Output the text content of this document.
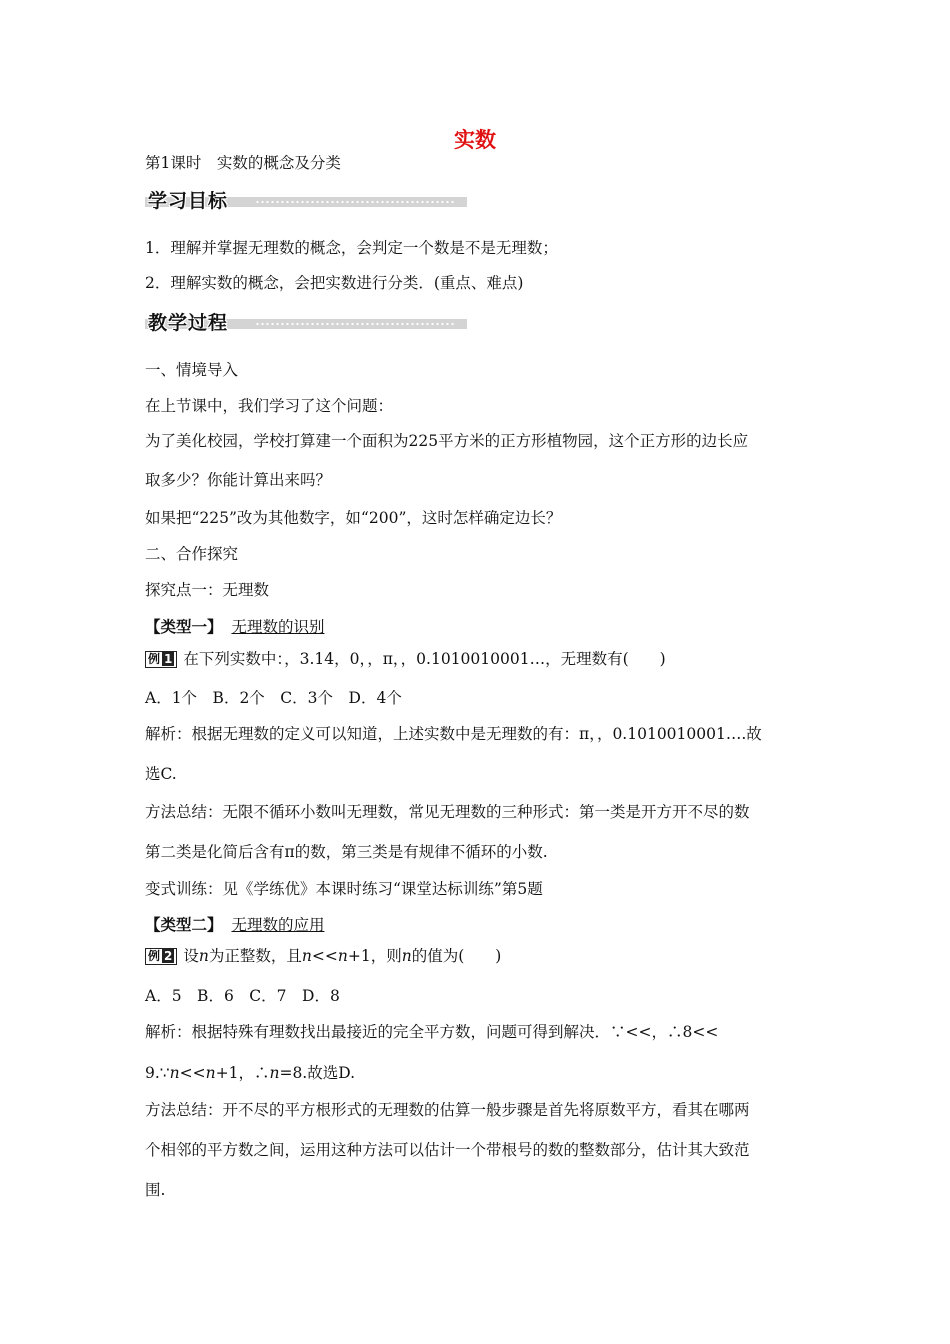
实数
第1课时　实数的概念及分类
学习目标
1．理解并掌握无理数的概念，会判定一个数是不是无理数；
2．理解实数的概念，会把实数进行分类．(重点、难点)
教学过程
一、情境导入
在上节课中，我们学习了这个问题：
为了美化校园，学校打算建一个面积为225平方米的正方形植物园，这个正方形的边长应
取多少？你能计算出来吗？
如果把“225”改为其他数字，如“200”，这时怎样确定边长？
二、合作探究
探究点一：无理数
【类型一】 无理数的识别
例 1 在下列实数中：，3.14，0，，π，，0.1010010001…，无理数有(　　)
A．1个　B．2个　C．3个　D．4个
解析：根据无理数的定义可以知道，上述实数中是无理数的有：π，，0.1010010001….故
选C.
方法总结：无限不循环小数叫无理数，常见无理数的三种形式：第一类是开方开不尽的数
第二类是化简后含有π的数，第三类是有规律不循环的小数.
变式训练：见《学练优》本课时练习“课堂达标训练”第5题
【类型二】 无理数的应用
例 2 设n为正整数，且n<<n+1，则n的值为(　　)
A．5　B．6　C．7　D．8
解析：根据特殊有理数找出最接近的完全平方数，问题可得到解决．∵<<，∴8<<
9.∵n<<n+1，∴n=8.故选D.
方法总结：开不尽的平方根形式的无理数的估算一般步骤是首先将原数平方，看其在哪两
个相邻的平方数之间，运用这种方法可以估计一个带根号的数的整数部分，估计其大致范
围.
